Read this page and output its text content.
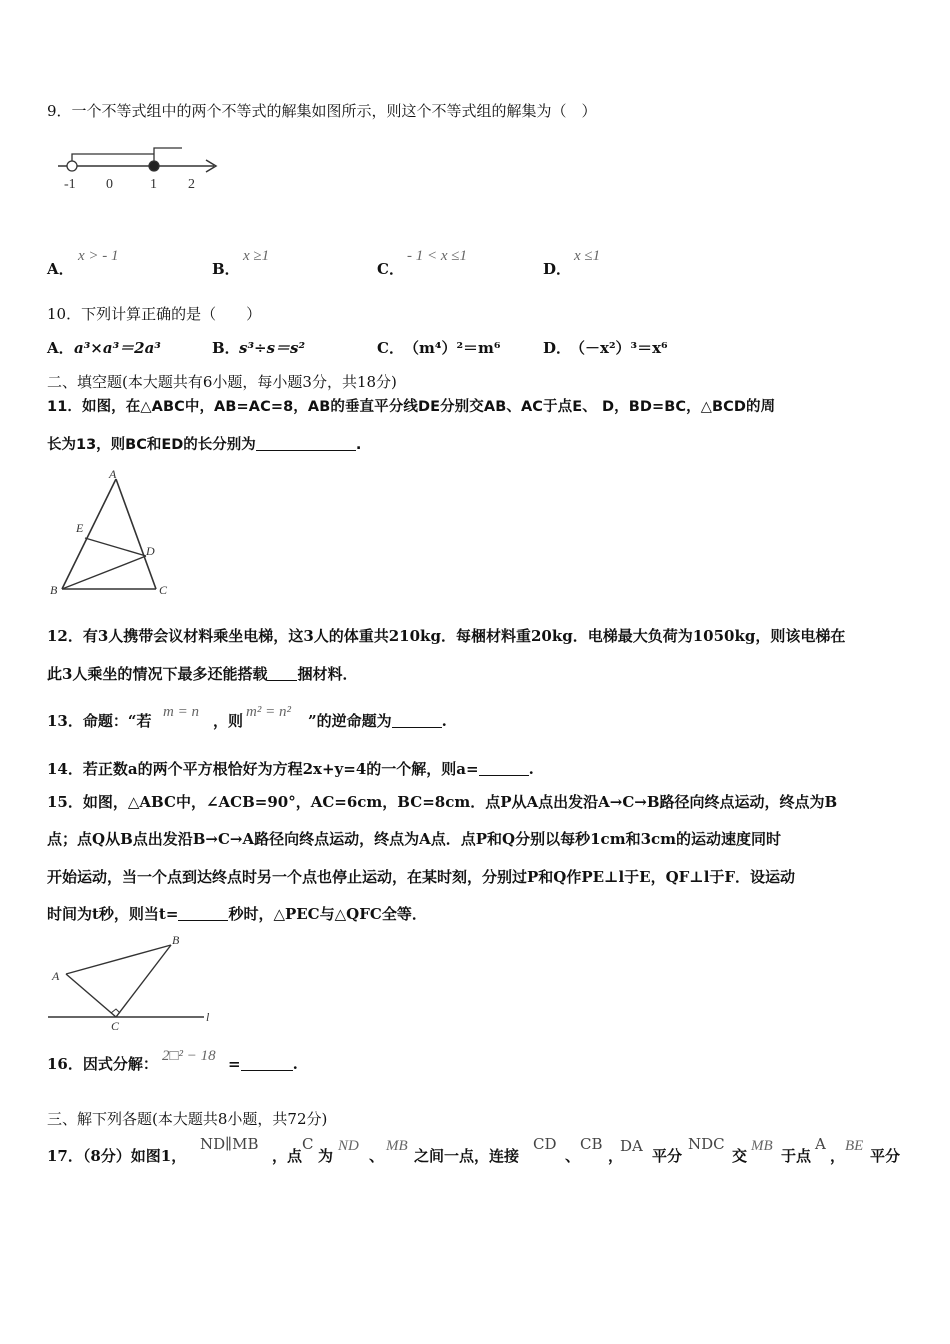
9．一个不等式组中的两个不等式的解集如图所示，则这个不等式组的解集为（　）
-1 0	1 2
A．
x > - 1
B．
x ≥1
C．
- 1 < x ≤1
D．
x ≤1
10．下列计算正确的是（　　）
A． a³×a³＝2a³	B． s³÷s＝s²	C． （m⁴）²＝m⁶	D．
（－x²）³＝x⁶
二、填空题(本大题共有6小题，每小题3分，共18分)
11．如图，在△ABC中，AB=AC=8，AB的垂直平分线DE分别交AB、AC于点E、 D，BD=BC，△BCD的周
长为13，则BC和ED的长分别为	.
A
E
D
B	C
12．有3人携带会议材料乘坐电梯，这3人的体重共210kg．每梱材料重20kg．电梯最大负荷为1050kg，则该电梯在
此3人乘坐的情况下最多还能搭载 捆材料．
13．命题：“若 m = n ，则 m² = n² ”的逆命题为	.
14．若正数a的两个平方根恰好为方程2x+y=4的一个解，则a=	.
15．如图，△ABC中，∠ACB=90°，AC=6cm，BC=8cm．点P从A点出发沿A→C→B路径向终点运动，终点为B
点；点Q从B点出发沿B→C→A路径向终点运动，终点为A点．点P和Q分别以每秒1cm和3cm的运动速度同时
开始运动，当一个点到达终点时另一个点也停止运动，在某时刻，分别过P和Q作PE⊥l于E，QF⊥l于F．设运动
时间为t秒，则当t=	秒时，△PEC与△QFC全等．
A
B
C
l
16．因式分解： 2□² − 18 =	.
三、解下列各题(本大题共8小题，共72分)
17．（8分）如图1，
ND∥MB
，点
C
为
ND
、
MB
之间一点，连接
CD
、
CB
，
DA
平分
NDC
交
MB
于点
A
，
BE
平分
